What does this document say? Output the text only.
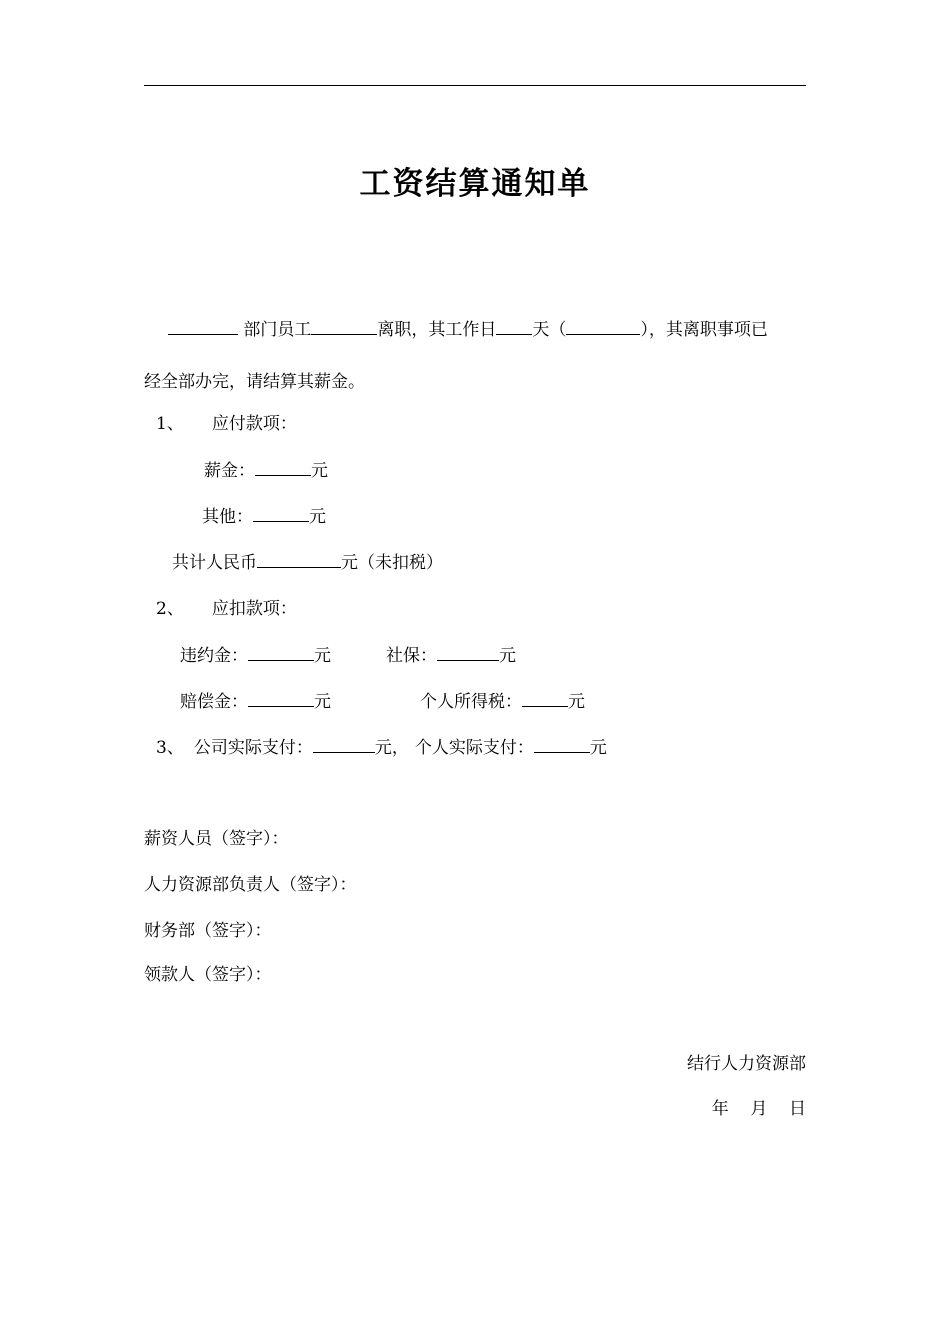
工资结算通知单
部门员工	离职，其工作日 天（	），其离职事项已
经全部办完，请结算其薪金。
1、 应付款项：
薪金：	元
其他：	元
共计人民币	元（未扣税）
2、 应扣款项：
违约金：	元	社保：	元
赔偿金：	元	个人所得税：	元
3、 公司实际支付：	元， 个人实际支付：	元
薪资人员（签字）：
人力资源部负责人（签字）：
财务部（签字）：
领款人（签字）：
结行人力资源部
年    月    日
